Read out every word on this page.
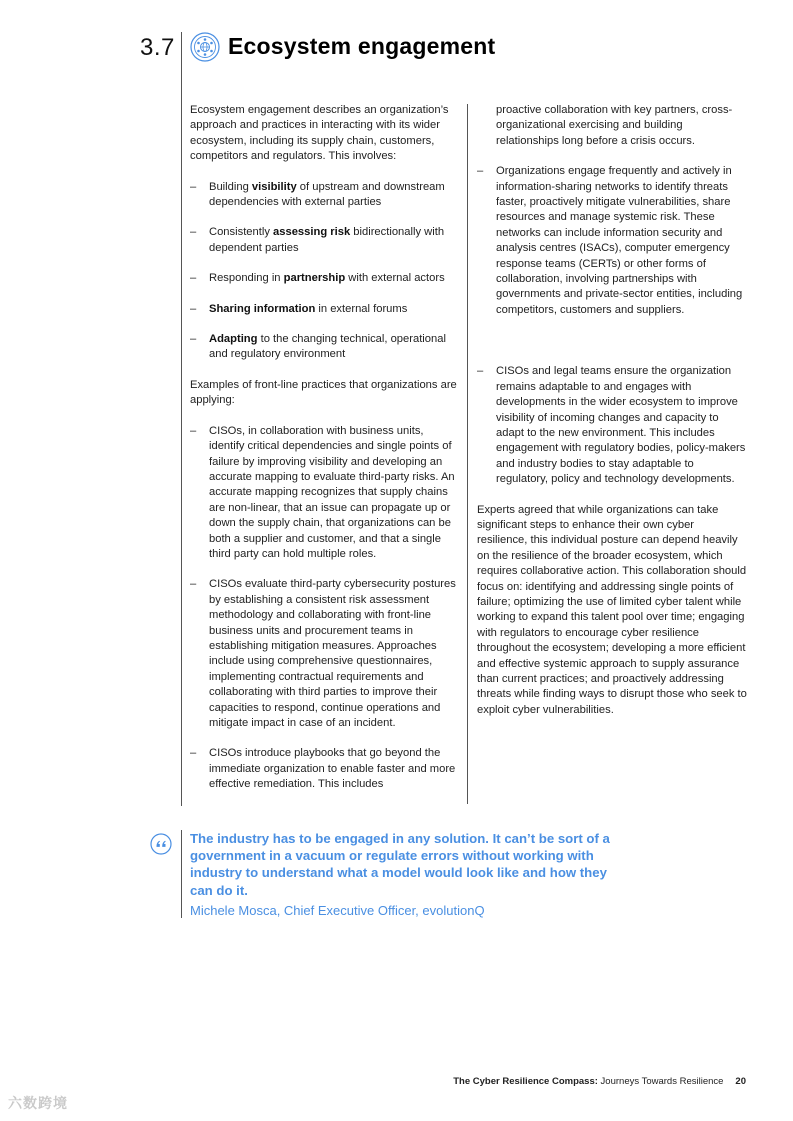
3.7 Ecosystem engagement

Ecosystem engagement describes an organization’s approach and practices in interacting with its wider ecosystem, including its supply chain, customers, competitors and regulators. This involves:

– Building visibility of upstream and downstream dependencies with external parties
– Consistently assessing risk bidirectionally with dependent parties
– Responding in partnership with external actors
– Sharing information in external forums
– Adapting to the changing technical, operational and regulatory environment

Examples of front-line practices that organizations are applying:

– CISOs, in collaboration with business units, identify critical dependencies and single points of failure by improving visibility and developing an accurate mapping to evaluate third-party risks. An accurate mapping recognizes that supply chains are non-linear, that an issue can propagate up or down the supply chain, that organizations can be both a supplier and customer, and that a single third party can hold multiple roles.
– CISOs evaluate third-party cybersecurity postures by establishing a consistent risk assessment methodology and collaborating with front-line business units and procurement teams in establishing mitigation measures. Approaches include using comprehensive questionnaires, implementing contractual requirements and collaborating with third parties to improve their capacities to respond, continue operations and mitigate impact in case of an incident.
– CISOs introduce playbooks that go beyond the immediate organization to enable faster and more effective remediation. This includes

proactive collaboration with key partners, cross-organizational exercising and building relationships long before a crisis occurs.

– Organizations engage frequently and actively in information-sharing networks to identify threats faster, proactively mitigate vulnerabilities, share resources and manage systemic risk. These networks can include information security and analysis centres (ISACs), computer emergency response teams (CERTs) or other forms of collaboration, involving partnerships with governments and private-sector entities, including competitors, customers and suppliers.
– CISOs and legal teams ensure the organization remains adaptable to and engages with developments in the wider ecosystem to improve visibility of incoming changes and capacity to adapt to the new environment. This includes engagement with regulatory bodies, policy-makers and industry bodies to stay adaptable to regulatory, policy and technology developments.

Experts agreed that while organizations can take significant steps to enhance their own cyber resilience, this individual posture can depend heavily on the resilience of the broader ecosystem, which requires collaborative action. This collaboration should focus on: identifying and addressing single points of failure; optimizing the use of limited cyber talent while working to expand this talent pool over time; engaging with regulators to encourage cyber resilience throughout the ecosystem; developing a more efficient and effective systemic approach to supply assurance than current practices; and proactively addressing threats while finding ways to disrupt those who seek to exploit cyber vulnerabilities.

The industry has to be engaged in any solution. It can’t be sort of a government in a vacuum or regulate errors without working with industry to understand what a model would look like and how they can do it.
Michele Mosca, Chief Executive Officer, evolutionQ
The Cyber Resilience Compass: Journeys Towards Resilience 20
六数跨境
